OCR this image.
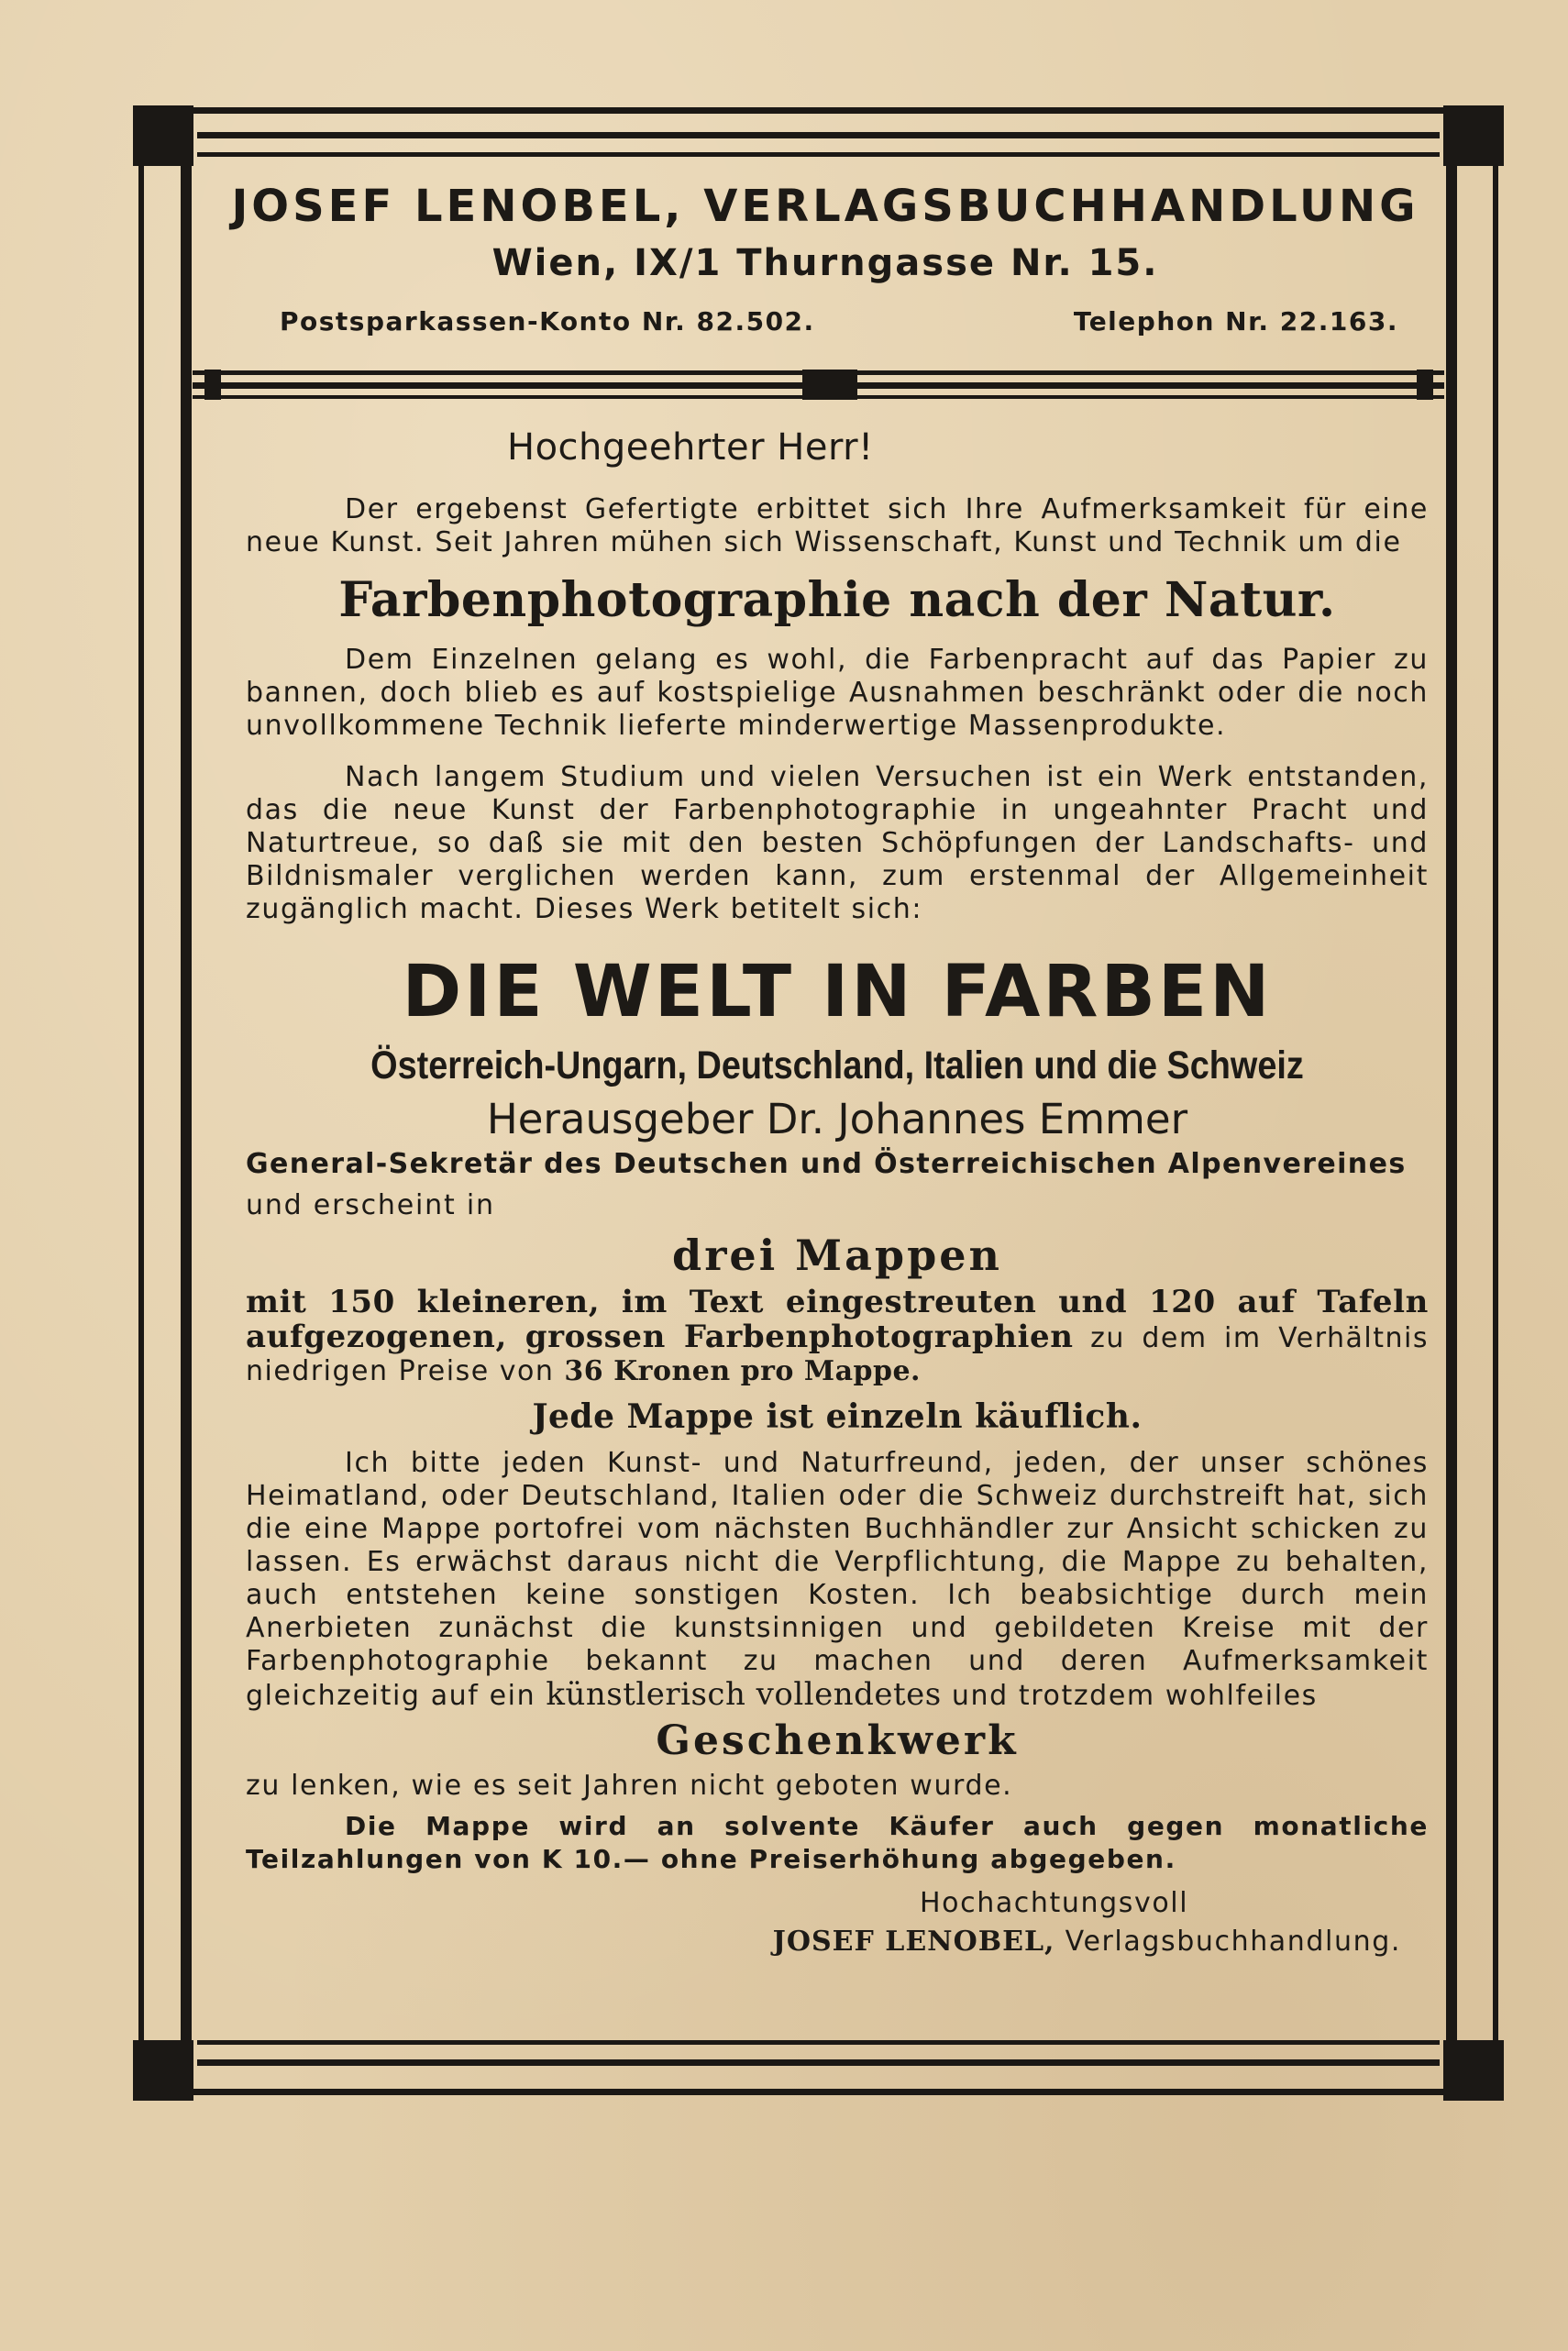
JOSEF LENOBEL, VERLAGSBUCHHANDLUNG
Wien, IX/1 Thurngasse Nr. 15.
Postsparkassen-Konto Nr. 82.502.	Telephon Nr. 22.163.

Hochgeehrter Herr!

Der ergebenst Gefertigte erbittet sich Ihre Aufmerksamkeit für eine neue Kunst. Seit Jahren mühen sich Wissenschaft, Kunst und Technik um die

Farbenphotographie nach der Natur.

Dem Einzelnen gelang es wohl, die Farbenpracht auf das Papier zu bannen, doch blieb es auf kostspielige Ausnahmen beschränkt oder die noch unvollkommene Technik lieferte minderwertige Massenprodukte.

Nach langem Studium und vielen Versuchen ist ein Werk entstanden, das die neue Kunst der Farbenphotographie in ungeahnter Pracht und Naturtreue, so daß sie mit den besten Schöpfungen der Landschafts- und Bildnismaler verglichen werden kann, zum erstenmal der Allgemeinheit zugänglich macht. Dieses Werk betitelt sich:

DIE WELT IN FARBEN

Österreich-Ungarn, Deutschland, Italien und die Schweiz

Herausgeber Dr. Johannes Emmer

General-Sekretär des Deutschen und Österreichischen Alpenvereines

und erscheint in

drei Mappen

mit 150 kleineren, im Text eingestreuten und 120 auf Tafeln aufgezogenen, grossen Farbenphotographien zu dem im Verhältnis niedrigen Preise von 36 Kronen pro Mappe.

Jede Mappe ist einzeln käuflich.

Ich bitte jeden Kunst- und Naturfreund, jeden, der unser schönes Heimatland, oder Deutschland, Italien oder die Schweiz durchstreift hat, sich die eine Mappe portofrei vom nächsten Buchhändler zur Ansicht schicken zu lassen. Es erwächst daraus nicht die Verpflichtung, die Mappe zu behalten, auch entstehen keine sonstigen Kosten. Ich beabsichtige durch mein Anerbieten zunächst die kunstsinnigen und gebildeten Kreise mit der Farbenphotographie bekannt zu machen und deren Aufmerksamkeit gleichzeitig auf ein künstlerisch vollendetes und trotzdem wohlfeiles

Geschenkwerk

zu lenken, wie es seit Jahren nicht geboten wurde.

Die Mappe wird an solvente Käufer auch gegen monatliche Teilzahlungen von K 10.— ohne Preiserhöhung abgegeben.

Hochachtungsvoll

JOSEF LENOBEL, Verlagsbuchhandlung.
